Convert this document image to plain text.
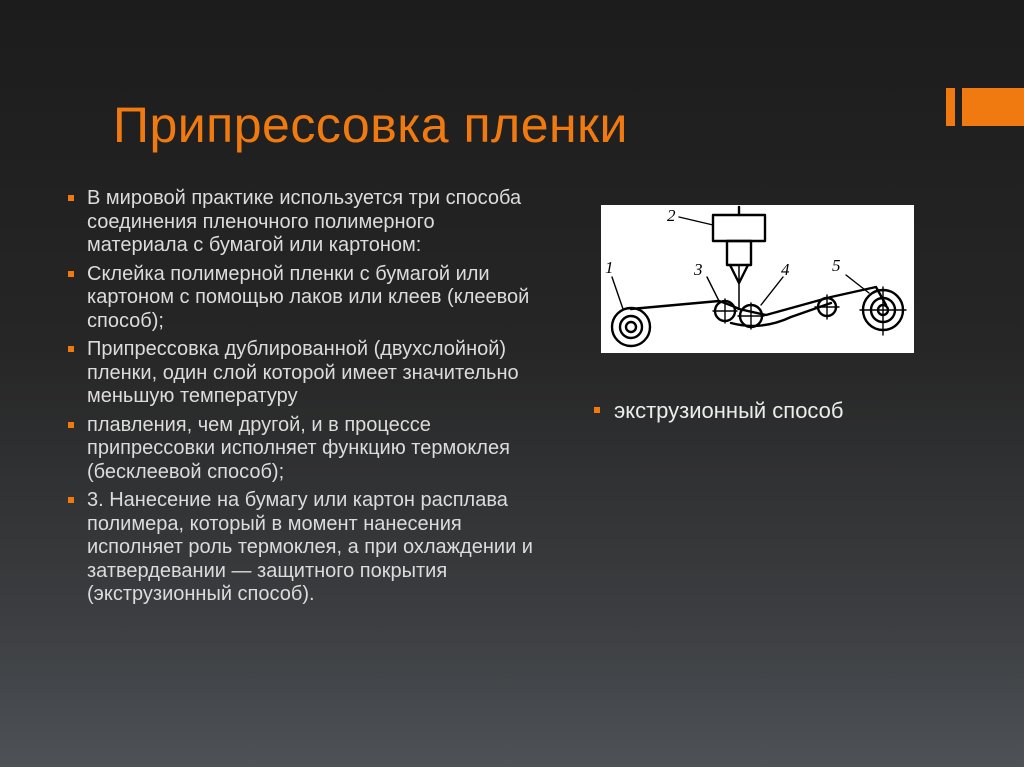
Припрессовка пленки
В мировой практике используется три способа соединения пленочного полимерного материала с бумагой или картоном:
Склейка полимерной пленки с бумагой или картоном с помощью лаков или клеев (клеевой способ);
Припрессовка дублированной (двухслойной) пленки, один слой которой имеет значительно меньшую температуру
плавления, чем другой, и в процессе припрессовки исполняет функцию термоклея (бесклеевой способ);
3. Нанесение на бумагу или картон расплава полимера, который в момент нанесения исполняет роль термоклея, а при охлаждении и затвердевании — защитного покрытия (экструзионный способ).
1
2
3	4	5
экструзионный способ
